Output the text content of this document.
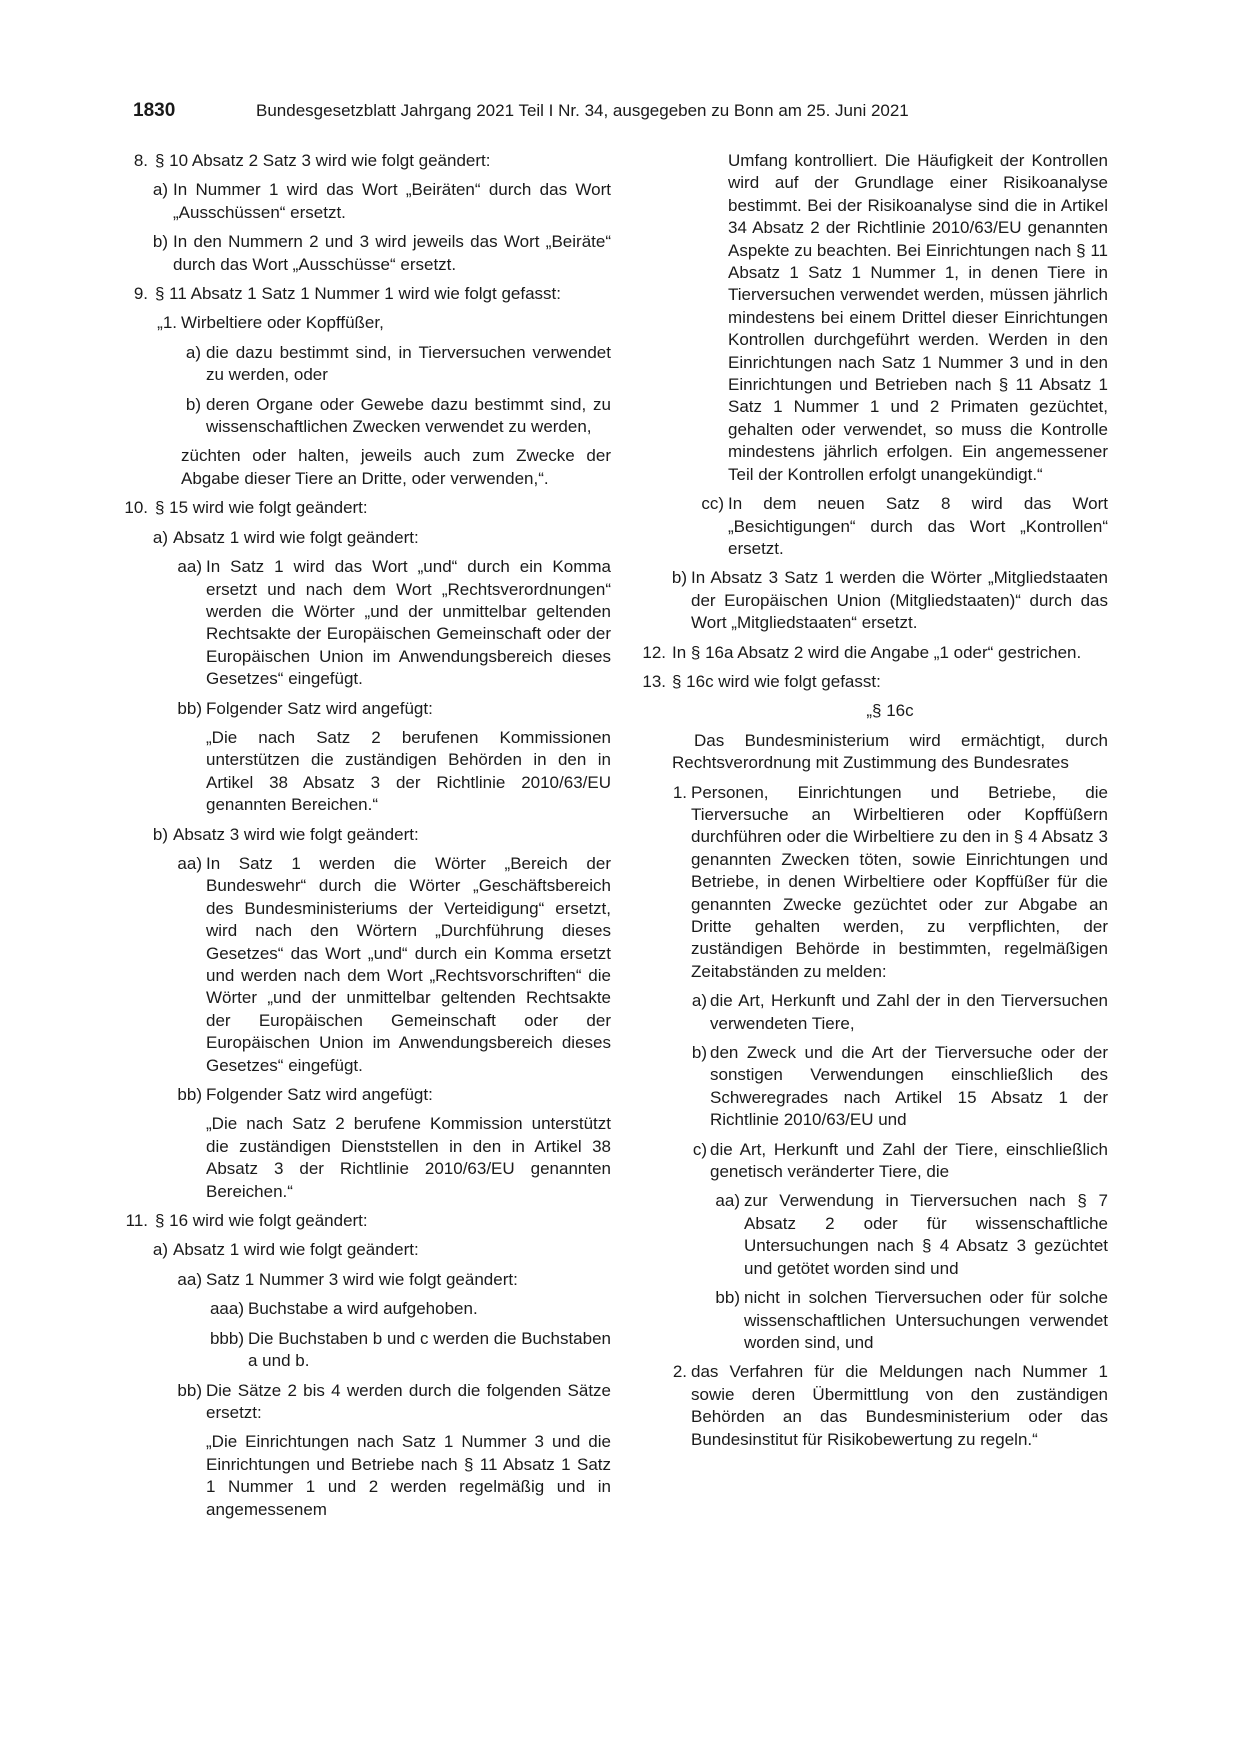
1830	Bundesgesetzblatt Jahrgang 2021 Teil I Nr. 34, ausgegeben zu Bonn am 25. Juni 2021
8. § 10 Absatz 2 Satz 3 wird wie folgt geändert:
a) In Nummer 1 wird das Wort „Beiräten“ durch das Wort „Ausschüssen“ ersetzt.
b) In den Nummern 2 und 3 wird jeweils das Wort „Beiräte“ durch das Wort „Ausschüsse“ ersetzt.
9. § 11 Absatz 1 Satz 1 Nummer 1 wird wie folgt gefasst:
„1. Wirbeltiere oder Kopffüßer,
a) die dazu bestimmt sind, in Tierversuchen verwendet zu werden, oder
b) deren Organe oder Gewebe dazu bestimmt sind, zu wissenschaftlichen Zwecken verwendet zu werden,
züchten oder halten, jeweils auch zum Zwecke der Abgabe dieser Tiere an Dritte, oder verwenden,“.
10. § 15 wird wie folgt geändert:
a) Absatz 1 wird wie folgt geändert:
aa) In Satz 1 wird das Wort „und“ durch ein Komma ersetzt und nach dem Wort „Rechtsverordnungen“ werden die Wörter „und der unmittelbar geltenden Rechtsakte der Europäischen Gemeinschaft oder der Europäischen Union im Anwendungsbereich dieses Gesetzes“ eingefügt.
bb) Folgender Satz wird angefügt:
„Die nach Satz 2 berufenen Kommissionen unterstützen die zuständigen Behörden in den in Artikel 38 Absatz 3 der Richtlinie 2010/63/EU genannten Bereichen.“
b) Absatz 3 wird wie folgt geändert:
aa) In Satz 1 werden die Wörter „Bereich der Bundeswehr“ durch die Wörter „Geschäftsbereich des Bundesministeriums der Verteidigung“ ersetzt, wird nach den Wörtern „Durchführung dieses Gesetzes“ das Wort „und“ durch ein Komma ersetzt und werden nach dem Wort „Rechtsvorschriften“ die Wörter „und der unmittelbar geltenden Rechtsakte der Europäischen Gemeinschaft oder der Europäischen Union im Anwendungsbereich dieses Gesetzes“ eingefügt.
bb) Folgender Satz wird angefügt:
„Die nach Satz 2 berufene Kommission unterstützt die zuständigen Dienststellen in den in Artikel 38 Absatz 3 der Richtlinie 2010/63/EU genannten Bereichen.“
11. § 16 wird wie folgt geändert:
a) Absatz 1 wird wie folgt geändert:
aa) Satz 1 Nummer 3 wird wie folgt geändert:
aaa) Buchstabe a wird aufgehoben.
bbb) Die Buchstaben b und c werden die Buchstaben a und b.
bb) Die Sätze 2 bis 4 werden durch die folgenden Sätze ersetzt:
„Die Einrichtungen nach Satz 1 Nummer 3 und die Einrichtungen und Betriebe nach § 11 Absatz 1 Satz 1 Nummer 1 und 2 werden regelmäßig und in angemessenem
Umfang kontrolliert. Die Häufigkeit der Kontrollen wird auf der Grundlage einer Risikoanalyse bestimmt. Bei der Risikoanalyse sind die in Artikel 34 Absatz 2 der Richtlinie 2010/63/EU genannten Aspekte zu beachten. Bei Einrichtungen nach § 11 Absatz 1 Satz 1 Nummer 1, in denen Tiere in Tierversuchen verwendet werden, müssen jährlich mindestens bei einem Drittel dieser Einrichtungen Kontrollen durchgeführt werden. Werden in den Einrichtungen nach Satz 1 Nummer 3 und in den Einrichtungen und Betrieben nach § 11 Absatz 1 Satz 1 Nummer 1 und 2 Primaten gezüchtet, gehalten oder verwendet, so muss die Kontrolle mindestens jährlich erfolgen. Ein angemessener Teil der Kontrollen erfolgt unangekündigt.“
cc) In dem neuen Satz 8 wird das Wort „Besichtigungen“ durch das Wort „Kontrollen“ ersetzt.
b) In Absatz 3 Satz 1 werden die Wörter „Mitgliedstaaten der Europäischen Union (Mitgliedstaaten)“ durch das Wort „Mitgliedstaaten“ ersetzt.
12. In § 16a Absatz 2 wird die Angabe „1 oder“ gestrichen.
13. § 16c wird wie folgt gefasst:
„§ 16c
Das Bundesministerium wird ermächtigt, durch Rechtsverordnung mit Zustimmung des Bundesrates
1. Personen, Einrichtungen und Betriebe, die Tierversuche an Wirbeltieren oder Kopffüßern durchführen oder die Wirbeltiere zu den in § 4 Absatz 3 genannten Zwecken töten, sowie Einrichtungen und Betriebe, in denen Wirbeltiere oder Kopffüßer für die genannten Zwecke gezüchtet oder zur Abgabe an Dritte gehalten werden, zu verpflichten, der zuständigen Behörde in bestimmten, regelmäßigen Zeitabständen zu melden:
a) die Art, Herkunft und Zahl der in den Tierversuchen verwendeten Tiere,
b) den Zweck und die Art der Tierversuche oder der sonstigen Verwendungen einschließlich des Schweregrades nach Artikel 15 Absatz 1 der Richtlinie 2010/63/EU und
c) die Art, Herkunft und Zahl der Tiere, einschließlich genetisch veränderter Tiere, die
aa) zur Verwendung in Tierversuchen nach § 7 Absatz 2 oder für wissenschaftliche Untersuchungen nach § 4 Absatz 3 gezüchtet und getötet worden sind und
bb) nicht in solchen Tierversuchen oder für solche wissenschaftlichen Untersuchungen verwendet worden sind, und
2. das Verfahren für die Meldungen nach Nummer 1 sowie deren Übermittlung von den zuständigen Behörden an das Bundesministerium oder das Bundesinstitut für Risikobewertung zu regeln.“
